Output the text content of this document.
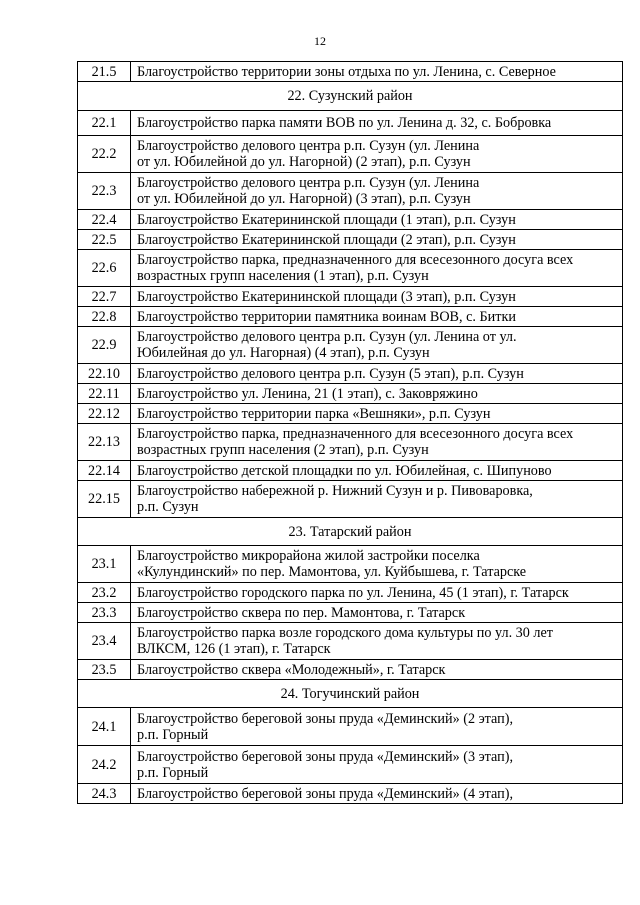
12
21.5	Благоустройство территории зоны отдыха по ул. Ленина, с. Северное
22. Сузунский район	
22.1	Благоустройство парка памяти ВОВ по ул. Ленина д. 32, с. Бобровка
22.2	Благоустройство делового центра р.п. Сузун (ул. Ленина
от ул. Юбилейной до ул. Нагорной) (2 этап), р.п. Сузун
22.3	Благоустройство делового центра р.п. Сузун (ул. Ленина
от ул. Юбилейной до ул. Нагорной) (3 этап), р.п. Сузун
22.4	Благоустройство Екатерининской площади (1 этап), р.п. Сузун
22.5	Благоустройство Екатерининской площади (2 этап), р.п. Сузун
22.6	Благоустройство парка, предназначенного для всесезонного досуга всех
возрастных групп населения (1 этап), р.п. Сузун
22.7	Благоустройство Екатерининской площади (3 этап), р.п. Сузун
22.8	Благоустройство территории памятника воинам ВОВ, с. Битки
22.9	Благоустройство делового центра р.п. Сузун (ул. Ленина от ул.
Юбилейная до ул. Нагорная) (4 этап), р.п. Сузун
22.10	Благоустройство делового центра р.п. Сузун (5 этап), р.п. Сузун
22.11	Благоустройство ул. Ленина, 21 (1 этап), с. Заковряжино
22.12	Благоустройство территории парка «Вешняки», р.п. Сузун
22.13	Благоустройство парка, предназначенного для всесезонного досуга всех
возрастных групп населения (2 этап), р.п. Сузун
22.14	Благоустройство детской площадки по ул. Юбилейная, с. Шипуново
22.15	Благоустройство набережной р. Нижний Сузун и р. Пивоваровка,
р.п. Сузун
23. Татарский район	
23.1	Благоустройство микрорайона жилой застройки поселка
«Кулундинский» по пер. Мамонтова, ул. Куйбышева, г. Татарске
23.2	Благоустройство городского парка по ул. Ленина, 45 (1 этап), г. Татарск
23.3	Благоустройство сквера по пер. Мамонтова, г. Татарск
23.4	Благоустройство парка возле городского дома культуры по ул. 30 лет
ВЛКСМ, 126 (1 этап), г. Татарск
23.5	Благоустройство сквера «Молодежный», г. Татарск
24. Тогучинский район	
24.1	Благоустройство береговой зоны пруда «Деминский» (2 этап),
р.п. Горный
24.2	Благоустройство береговой зоны пруда «Деминский» (3 этап),
р.п. Горный
24.3	Благоустройство береговой зоны пруда «Деминский» (4 этап),
